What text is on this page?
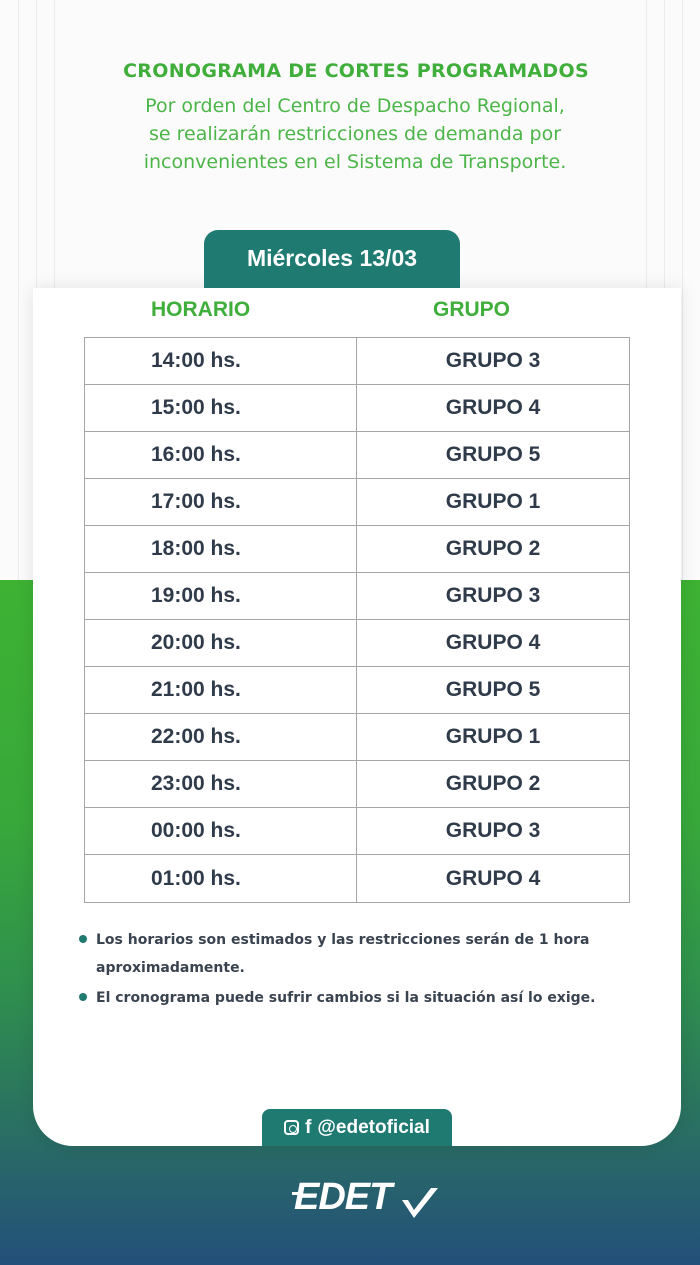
CRONOGRAMA DE CORTES PROGRAMADOS
Por orden del Centro de Despacho Regional,
se realizarán restricciones de demanda por
inconvenientes en el Sistema de Transporte.
Miércoles 13/03
HORARIO	GRUPO
14:00 hs.	GRUPO 3
15:00 hs.	GRUPO 4
16:00 hs.	GRUPO 5
17:00 hs.	GRUPO 1
18:00 hs.	GRUPO 2
19:00 hs.	GRUPO 3
20:00 hs.	GRUPO 4
21:00 hs.	GRUPO 5
22:00 hs.	GRUPO 1
23:00 hs.	GRUPO 2
00:00 hs.	GRUPO 3
01:00 hs.	GRUPO 4
Los horarios son estimados y las restricciones serán de 1 hora
aproximadamente.
El cronograma puede sufrir cambios si la situación así lo exige.
f @edetoficial
EDET
